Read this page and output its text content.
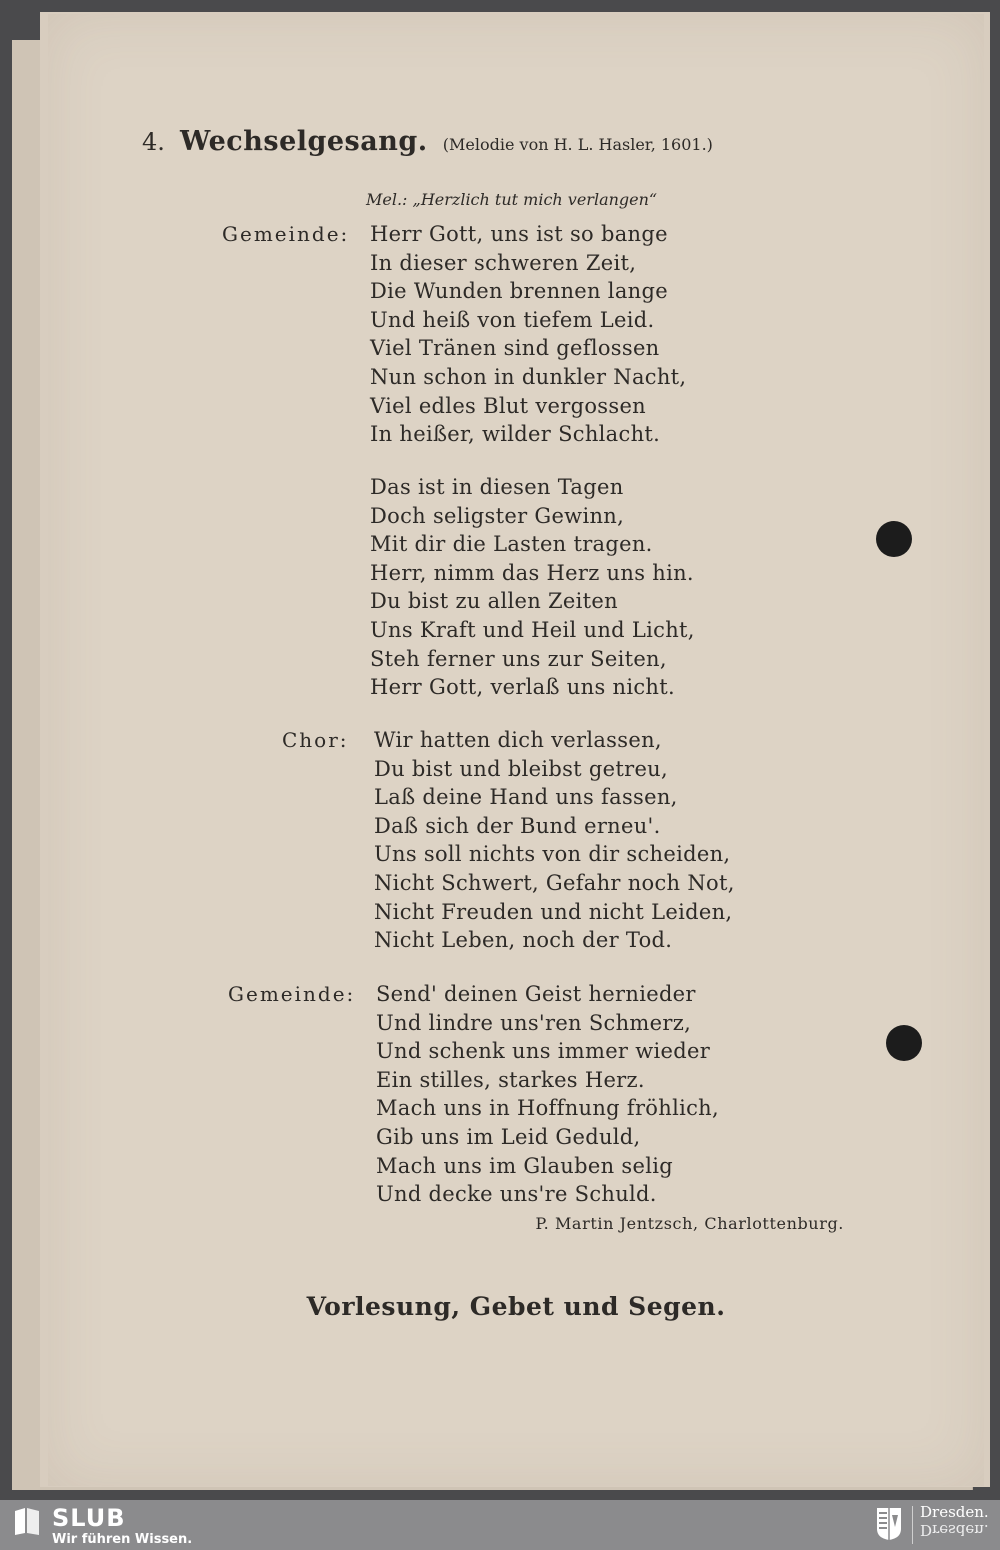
4. Wechselgesang. (Melodie von H. L. Hasler, 1601.)
Mel.: „Herzlich tut mich verlangen“
Gemeinde: Herr Gott, uns ist so bange
In dieser schweren Zeit,
Die Wunden brennen lange
Und heiß von tiefem Leid.
Viel Tränen sind geflossen
Nun schon in dunkler Nacht,
Viel edles Blut vergossen
In heißer, wilder Schlacht.
Das ist in diesen Tagen
Doch seligster Gewinn,
Mit dir die Lasten tragen.
Herr, nimm das Herz uns hin.
Du bist zu allen Zeiten
Uns Kraft und Heil und Licht,
Steh ferner uns zur Seiten,
Herr Gott, verlaß uns nicht.
Chor: Wir hatten dich verlassen,
Du bist und bleibst getreu,
Laß deine Hand uns fassen,
Daß sich der Bund erneu'.
Uns soll nichts von dir scheiden,
Nicht Schwert, Gefahr noch Not,
Nicht Freuden und nicht Leiden,
Nicht Leben, noch der Tod.
Gemeinde: Send' deinen Geist hernieder
Und lindre uns'ren Schmerz,
Und schenk uns immer wieder
Ein stilles, starkes Herz.
Mach uns in Hoffnung fröhlich,
Gib uns im Leid Geduld,
Mach uns im Glauben selig
Und decke uns're Schuld.
P. Martin Jentzsch, Charlottenburg.
Vorlesung, Gebet und Segen.
SLUB
Wir führen Wissen.
Dresden.
Dresden.
